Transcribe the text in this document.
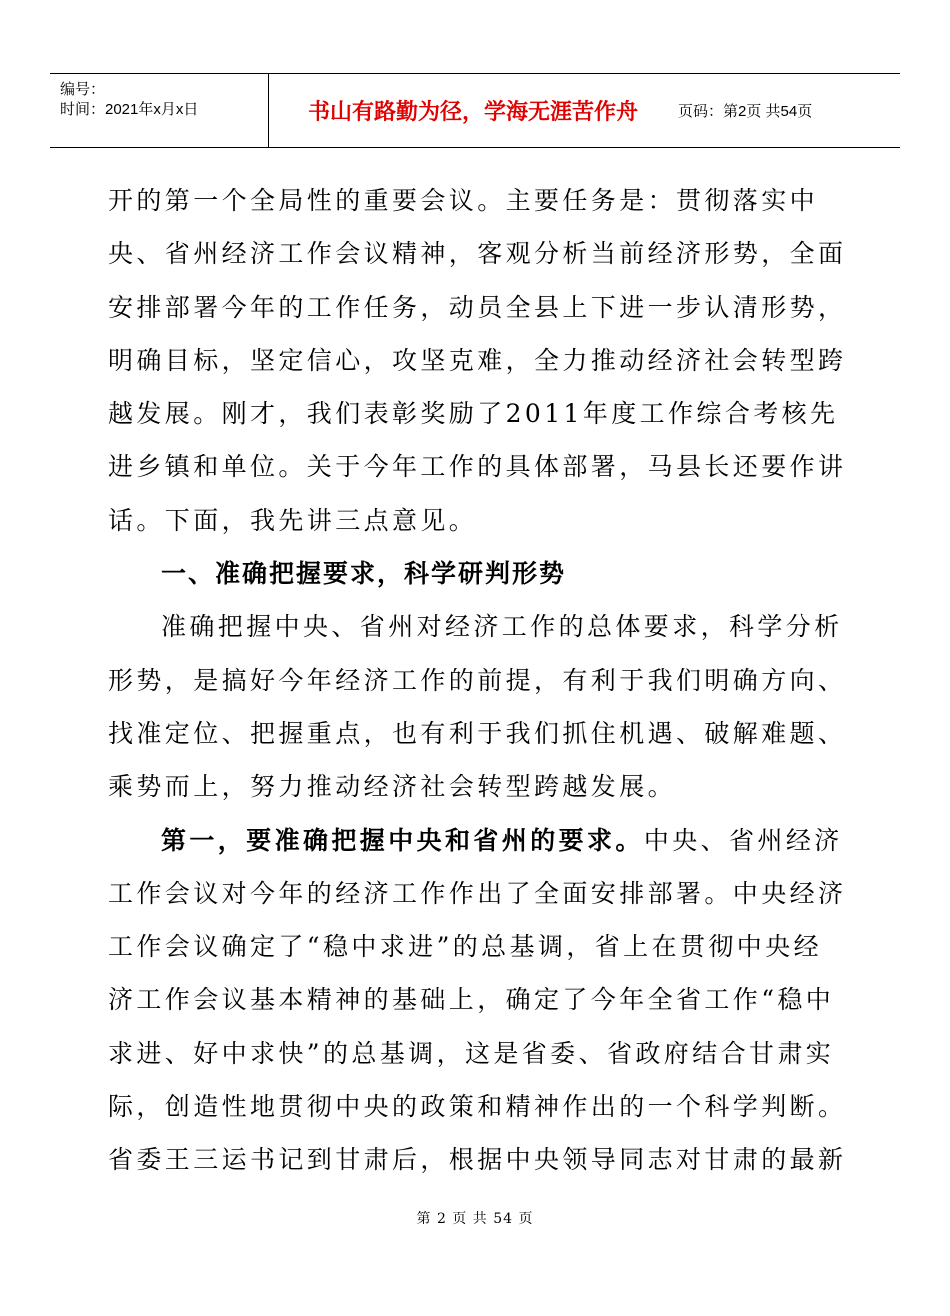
编号：
时间：2021年x月x日	书山有路勤为径，学海无涯苦作舟	页码：第2页 共54页

开的第一个全局性的重要会议。主要任务是：贯彻落实中央、省州经济工作会议精神，客观分析当前经济形势，全面安排部署今年的工作任务，动员全县上下进一步认清形势，明确目标，坚定信心，攻坚克难，全力推动经济社会转型跨越发展。刚才，我们表彰奖励了2011年度工作综合考核先进乡镇和单位。关于今年工作的具体部署，马县长还要作讲话。下面，我先讲三点意见。

一、准确把握要求，科学研判形势

准确把握中央、省州对经济工作的总体要求，科学分析形势，是搞好今年经济工作的前提，有利于我们明确方向、找准定位、把握重点，也有利于我们抓住机遇、破解难题、乘势而上，努力推动经济社会转型跨越发展。

第一，要准确把握中央和省州的要求。中央、省州经济工作会议对今年的经济工作作出了全面安排部署。中央经济工作会议确定了“稳中求进”的总基调，省上在贯彻中央经济工作会议基本精神的基础上，确定了今年全省工作“稳中求进、好中求快”的总基调，这是省委、省政府结合甘肃实际，创造性地贯彻中央的政策和精神作出的一个科学判断。省委王三运书记到甘肃后，根据中央领导同志对甘肃的最新

第 2 页 共 54 页
